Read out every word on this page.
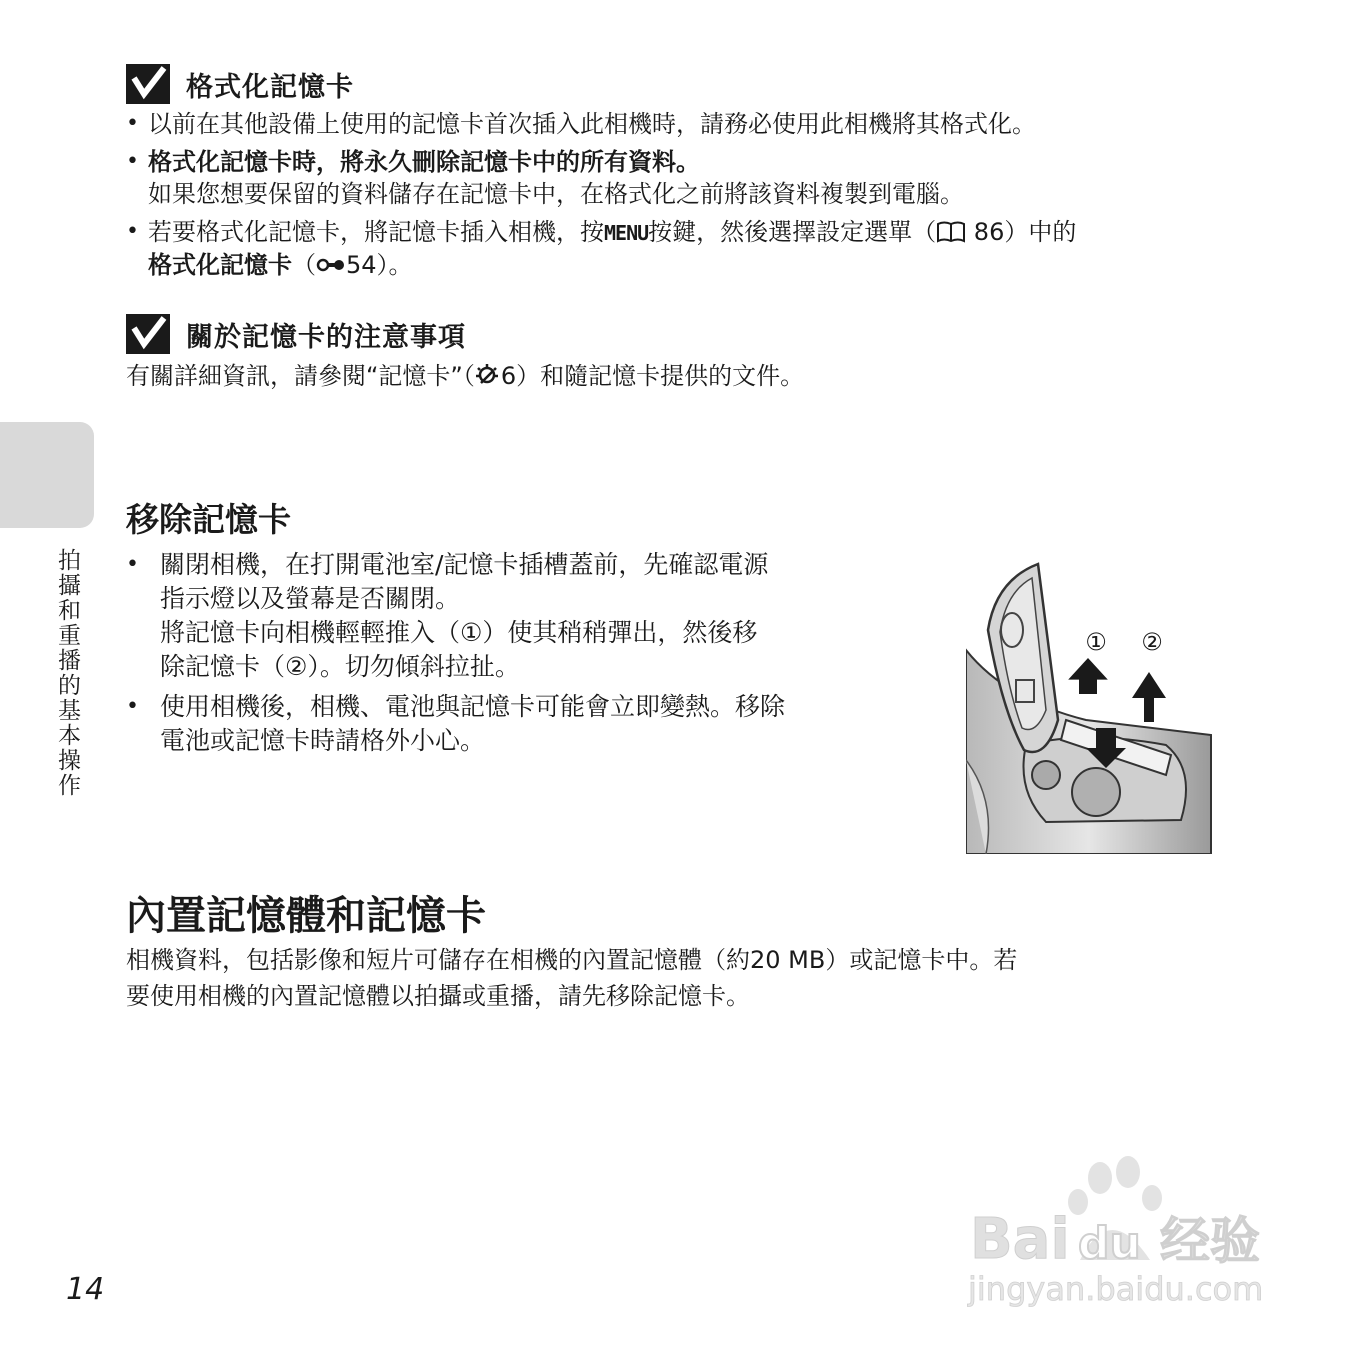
格式化記憶卡
• 以前在其他設備上使用的記憶卡首次插入此相機時，請務必使用此相機將其格式化。
• 格式化記憶卡時，將永久刪除記憶卡中的所有資料。
如果您想要保留的資料儲存在記憶卡中，在格式化之前將該資料複製到電腦。
• 若要格式化記憶卡，將記憶卡插入相機，按MENU按鍵，然後選擇設定選單（ 86）中的
格式化記憶卡（ 54）。
關於記憶卡的注意事項
有關詳細資訊，請參閱“記憶卡”（ 6）和隨記憶卡提供的文件。
拍攝和重播的基本操作
移除記憶卡
• 關閉相機，在打開電池室/記憶卡插槽蓋前，先確認電源
指示燈以及螢幕是否關閉。
將記憶卡向相機輕輕推入（①）使其稍稍彈出，然後移
除記憶卡（②）。切勿傾斜拉扯。
• 使用相機後，相機、電池與記憶卡可能會立即變熱。移除
電池或記憶卡時請格外小心。
① ②
內置記憶體和記憶卡
相機資料，包括影像和短片可儲存在相機的內置記憶體（約20 MB）或記憶卡中。若
要使用相機的內置記憶體以拍攝或重播，請先移除記憶卡。
14
Bai du 经验
jingyan.baidu.com
